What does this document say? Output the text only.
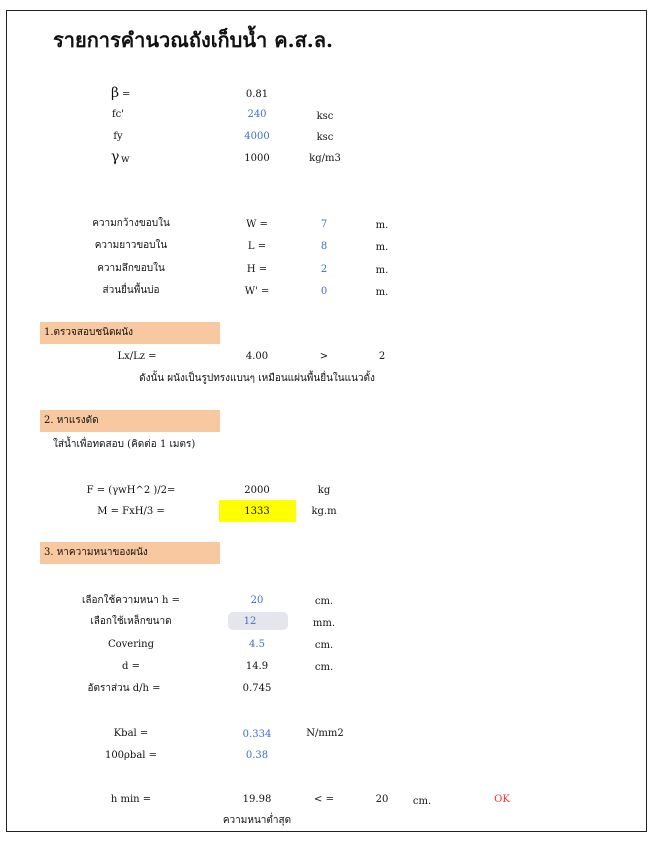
รายการคำนวณถังเก็บน้ำ ค.ส.ล.
β =	0.81
fc'	240	ksc
fy	4000	ksc
γ w	1000	kg/m3
ความกว้างขอบใน	W =	7	m.
ความยาวขอบใน	L =	8	m.
ความลึกขอบใน	H =	2	m.
ส่วนยื่นพื้นบ่อ	W' =	0	m.
1.ตรวจสอบชนิดผนัง
Lx/Lz =	4.00	>	2
ดังนั้น ผนังเป็นรูปทรงแบนๆ เหมือนแผ่นพื้นยื่นในแนวตั้ง
2. หาแรงดัด
ใส่น้ำเพื่อทดสอบ (คิดต่อ 1 เมตร)
F = (γwH^2 )/2=	2000	kg
M = FxH/3 =	1333	kg.m
3. หาความหนาของผนัง
เลือกใช้ความหนา h =	20	cm.
เลือกใช้เหล็กขนาด	12	mm.
Covering	4.5	cm.
d =	14.9	cm.
อัตราส่วน d/h =	0.745
Kbal =	0.334	N/mm2
100ρbal =	0.38
h min =	19.98	< =	20 cm.	OK
ความหนาต่ำสุด
